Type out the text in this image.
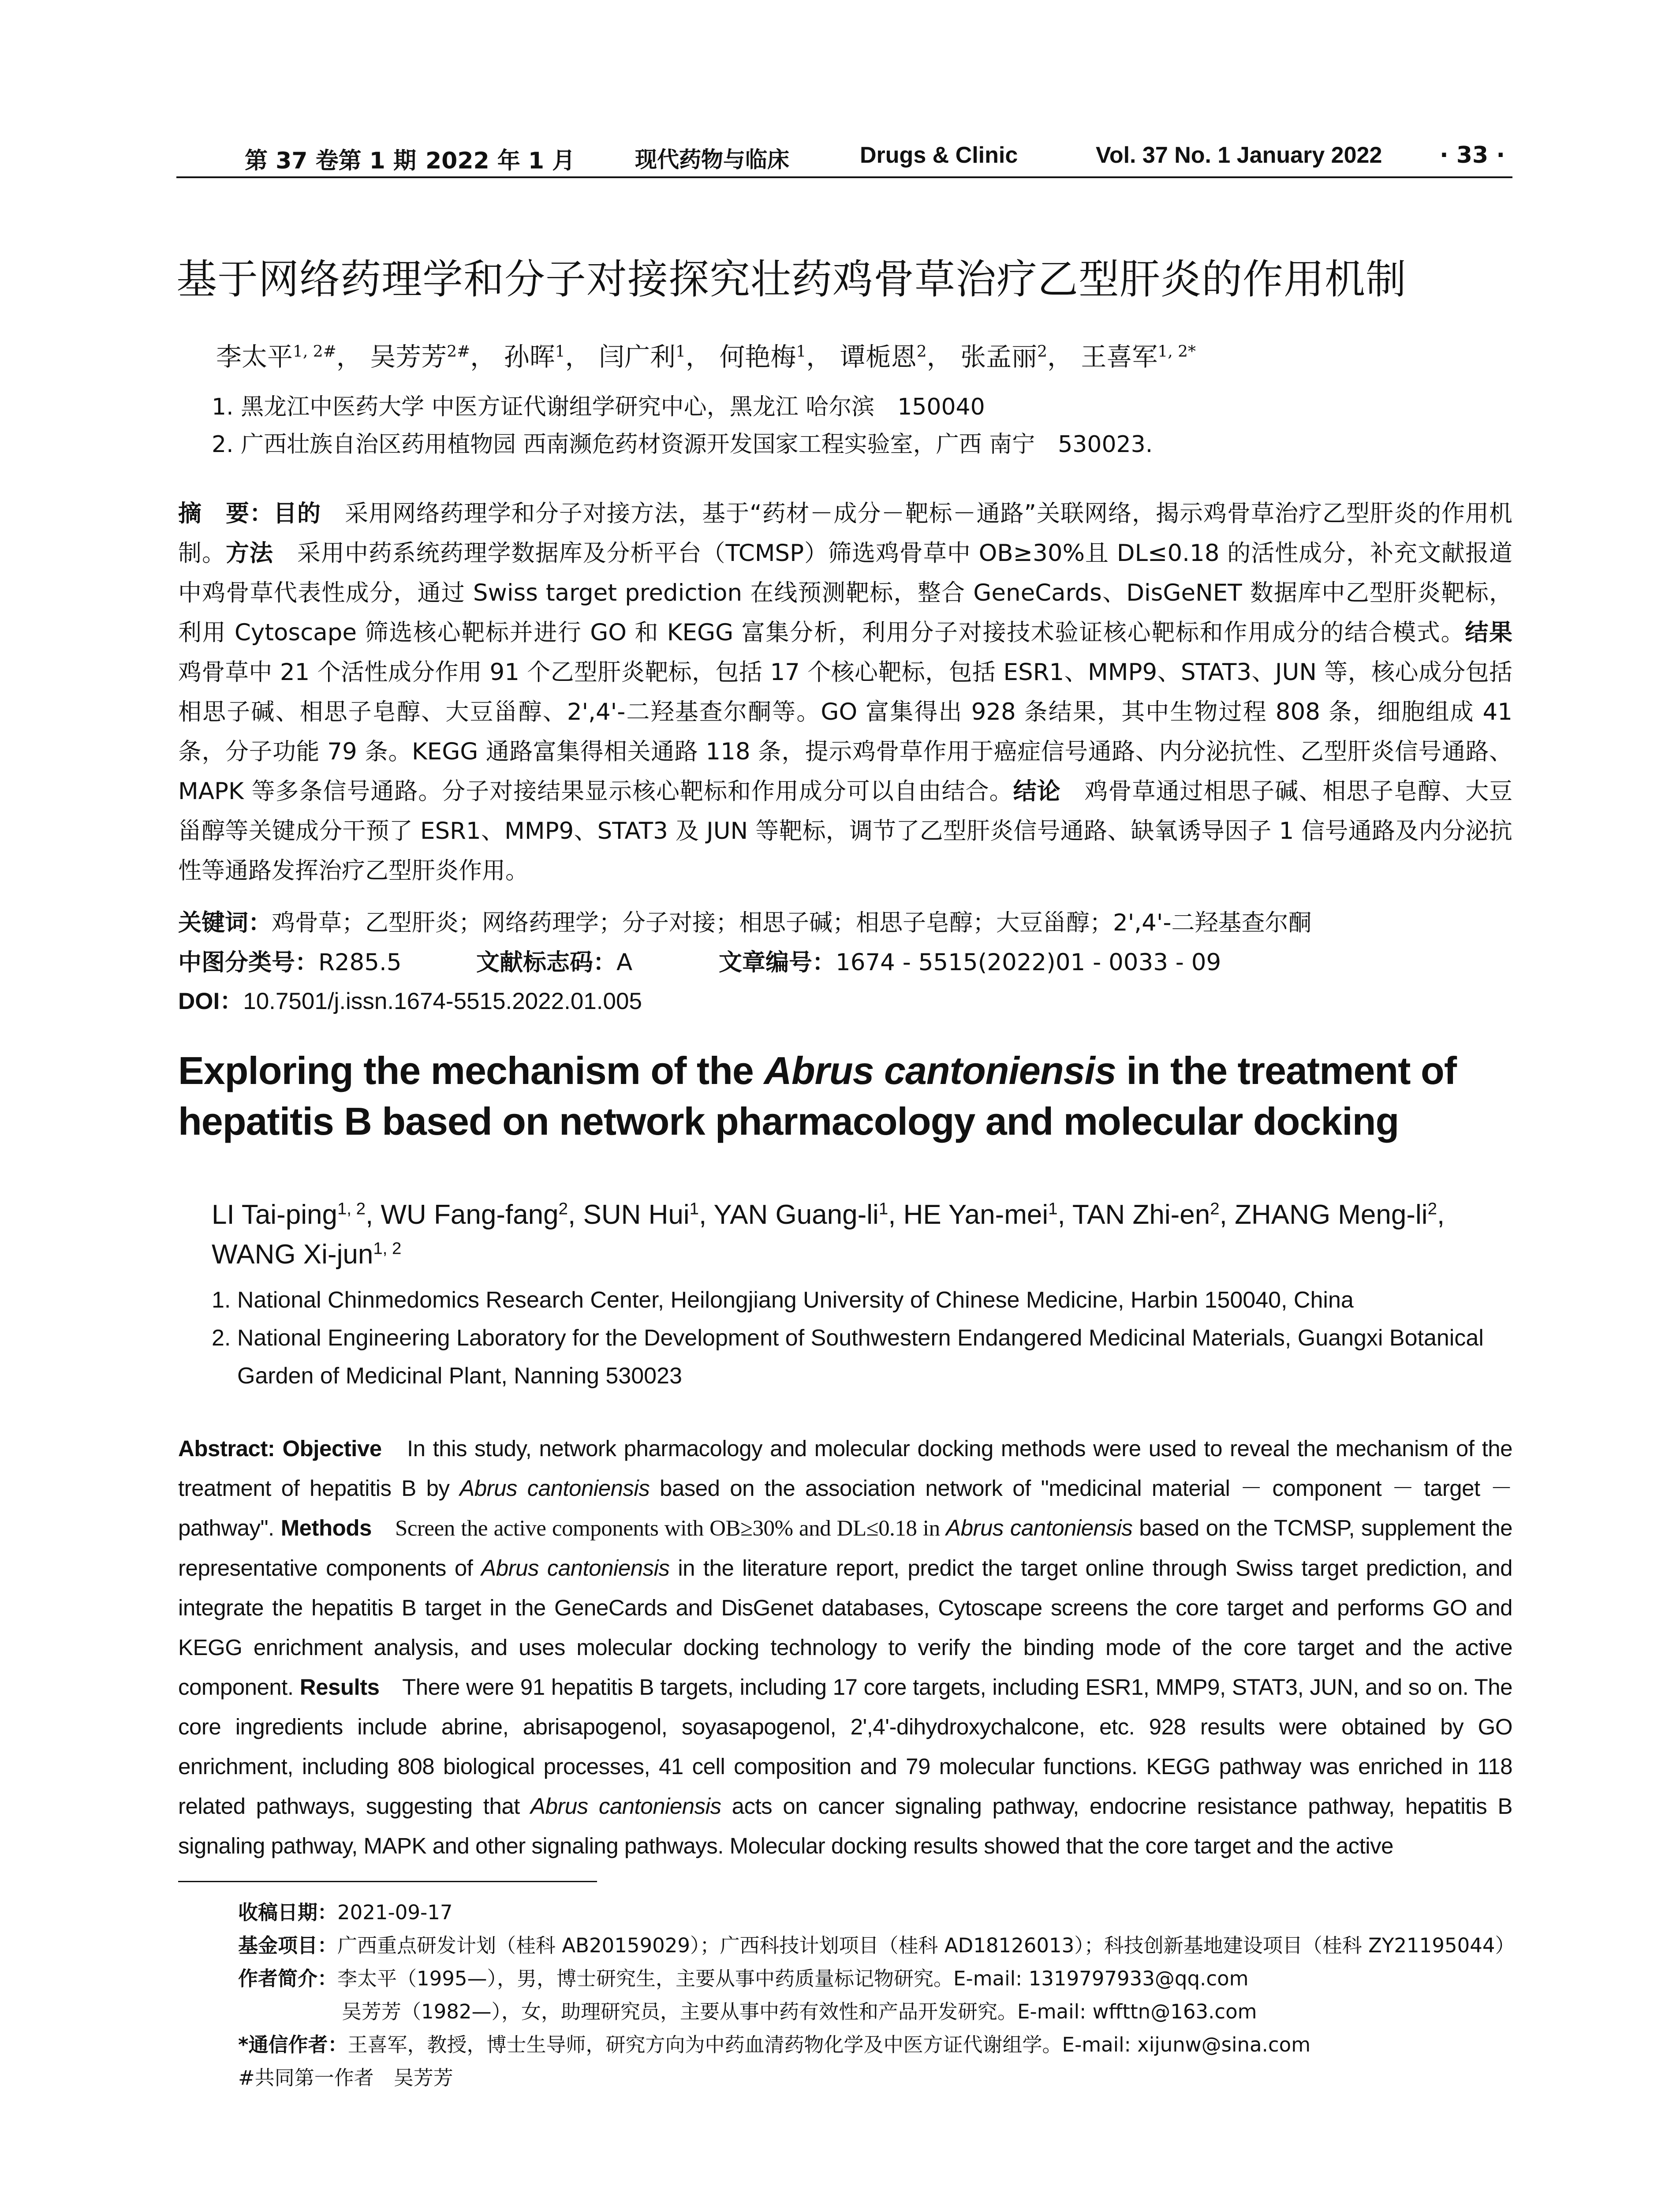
第 37 卷第 1 期 2022 年 1 月	现代药物与临床	Drugs & Clinic	Vol. 37 No. 1 January 2022	· 33 ·
基于网络药理学和分子对接探究壮药鸡骨草治疗乙型肝炎的作用机制
李太平$^{1, 2\#}$， 吴芳芳$^{2\#}$， 孙晖$^1$， 闫广利$^1$， 何艳梅$^1$， 谭栀恩$^2$， 张孟丽$^2$， 王喜军$^{1, 2*}$
1. 黑龙江中医药大学 中医方证代谢组学研究中心，黑龙江 哈尔滨　150040
2. 广西壮族自治区药用植物园 西南濒危药材资源开发国家工程实验室，广西 南宁　530023.
摘　要：目的　 采用网络药理学和分子对接方法，基于“药材－成分－靶标－通路”关联网络，揭示鸡骨草治疗乙型肝炎的作用机制。方法　 采用中药系统药理学数据库及分析平台（TCMSP）筛选鸡骨草中 OB≥30%且 DL≤0.18 的活性成分，补充文献报道中鸡骨草代表性成分，通过 Swiss target prediction 在线预测靶标，整合 GeneCards、DisGeNET 数据库中乙型肝炎靶标，利用 Cytoscape 筛选核心靶标并进行 GO 和 KEGG 富集分析，利用分子对接技术验证核心靶标和作用成分的结合模式。结果　鸡骨草中 21 个活性成分作用 91 个乙型肝炎靶标，包括 17 个核心靶标，包括 ESR1、MMP9、STAT3、JUN 等，核心成分包括相思子碱、相思子皂醇、大豆甾醇、2',4'-二羟基查尔酮等。GO 富集得出 928 条结果，其中生物过程 808 条，细胞组成 41 条，分子功能 79 条。KEGG 通路富集得相关通路 118 条，提示鸡骨草作用于癌症信号通路、内分泌抗性、乙型肝炎信号通路、MAPK 等多条信号通路。分子对接结果显示核心靶标和作用成分可以自由结合。结论　 鸡骨草通过相思子碱、相思子皂醇、大豆甾醇等关键成分干预了 ESR1、MMP9、STAT3 及 JUN 等靶标，调节了乙型肝炎信号通路、缺氧诱导因子 1 信号通路及内分泌抗性等通路发挥治疗乙型肝炎作用。
关键词：鸡骨草；乙型肝炎；网络药理学；分子对接；相思子碱；相思子皂醇；大豆甾醇；2',4'-二羟基查尔酮
中图分类号：R285.5	文献标志码：A	文章编号：1674 - 5515(2022)01 - 0033 - 09
DOI：10.7501/j.issn.1674-5515.2022.01.005
Exploring the mechanism of the Abrus cantoniensis in the treatment of hepatitis B based on network pharmacology and molecular docking
LI Tai-ping$^{1, 2}$, WU Fang-fang$^2$, SUN Hui$^1$, YAN Guang-$li^1$, HE Yan-mei$^1$, TAN Zhi-$en^2$, ZHANG Meng-$li^2$, WANG Xi-jun$^{1, 2}$
1. National Chinmedomics Research Center, Heilongjiang University of Chinese Medicine, Harbin 150040, China
2. National Engineering Laboratory for the Development of Southwestern Endangered Medicinal Materials, Guangxi Botanical
Garden of Medicinal Plant, Nanning 530023
Abstract: Objective　 In this study, network pharmacology and molecular docking methods were used to reveal the mechanism of the treatment of hepatitis B by Abrus cantoniensis based on the association network of "medicinal material － component － target － pathway". Methods　 Screen the active components with OB≥30% and DL≤0.18 in Abrus cantoniensis based on the TCMSP, supplement the representative components of Abrus cantoniensis in the literature report, predict the target online through Swiss target prediction, and integrate the hepatitis B target in the GeneCards and DisGenet databases, Cytoscape screens the core target and performs GO and KEGG enrichment analysis, and uses molecular docking technology to verify the binding mode of the core target and the active component. Results　 There were 91 hepatitis B targets, including 17 core targets, including ESR1, MMP9, STAT3, JUN, and so on. The core ingredients include abrine, abrisapogenol, soyasapogenol, 2',4'-dihydroxychalcone, etc. 928 results were obtained by GO enrichment, including 808 biological processes, 41 cell composition and 79 molecular functions. KEGG pathway was enriched in 118 related pathways, suggesting that Abrus cantoniensis acts on cancer signaling pathway, endocrine resistance pathway, hepatitis B signaling pathway, MAPK and other signaling pathways. Molecular docking results showed that the core target and the active
收稿日期：2021-09-17
基金项目：广西重点研发计划（桂科 AB20159029）；广西科技计划项目（桂科 AD18126013）；科技创新基地建设项目（桂科 ZY21195044）
作者简介：李太平（1995—），男，博士研究生，主要从事中药质量标记物研究。E-mail: 1319797933@qq.com
吴芳芳（1982—），女，助理研究员，主要从事中药有效性和产品开发研究。E-mail: wffttn@163.com
*通信作者：王喜军，教授，博士生导师，研究方向为中药血清药物化学及中医方证代谢组学。E-mail: xijunw@sina.com
#共同第一作者　吴芳芳
